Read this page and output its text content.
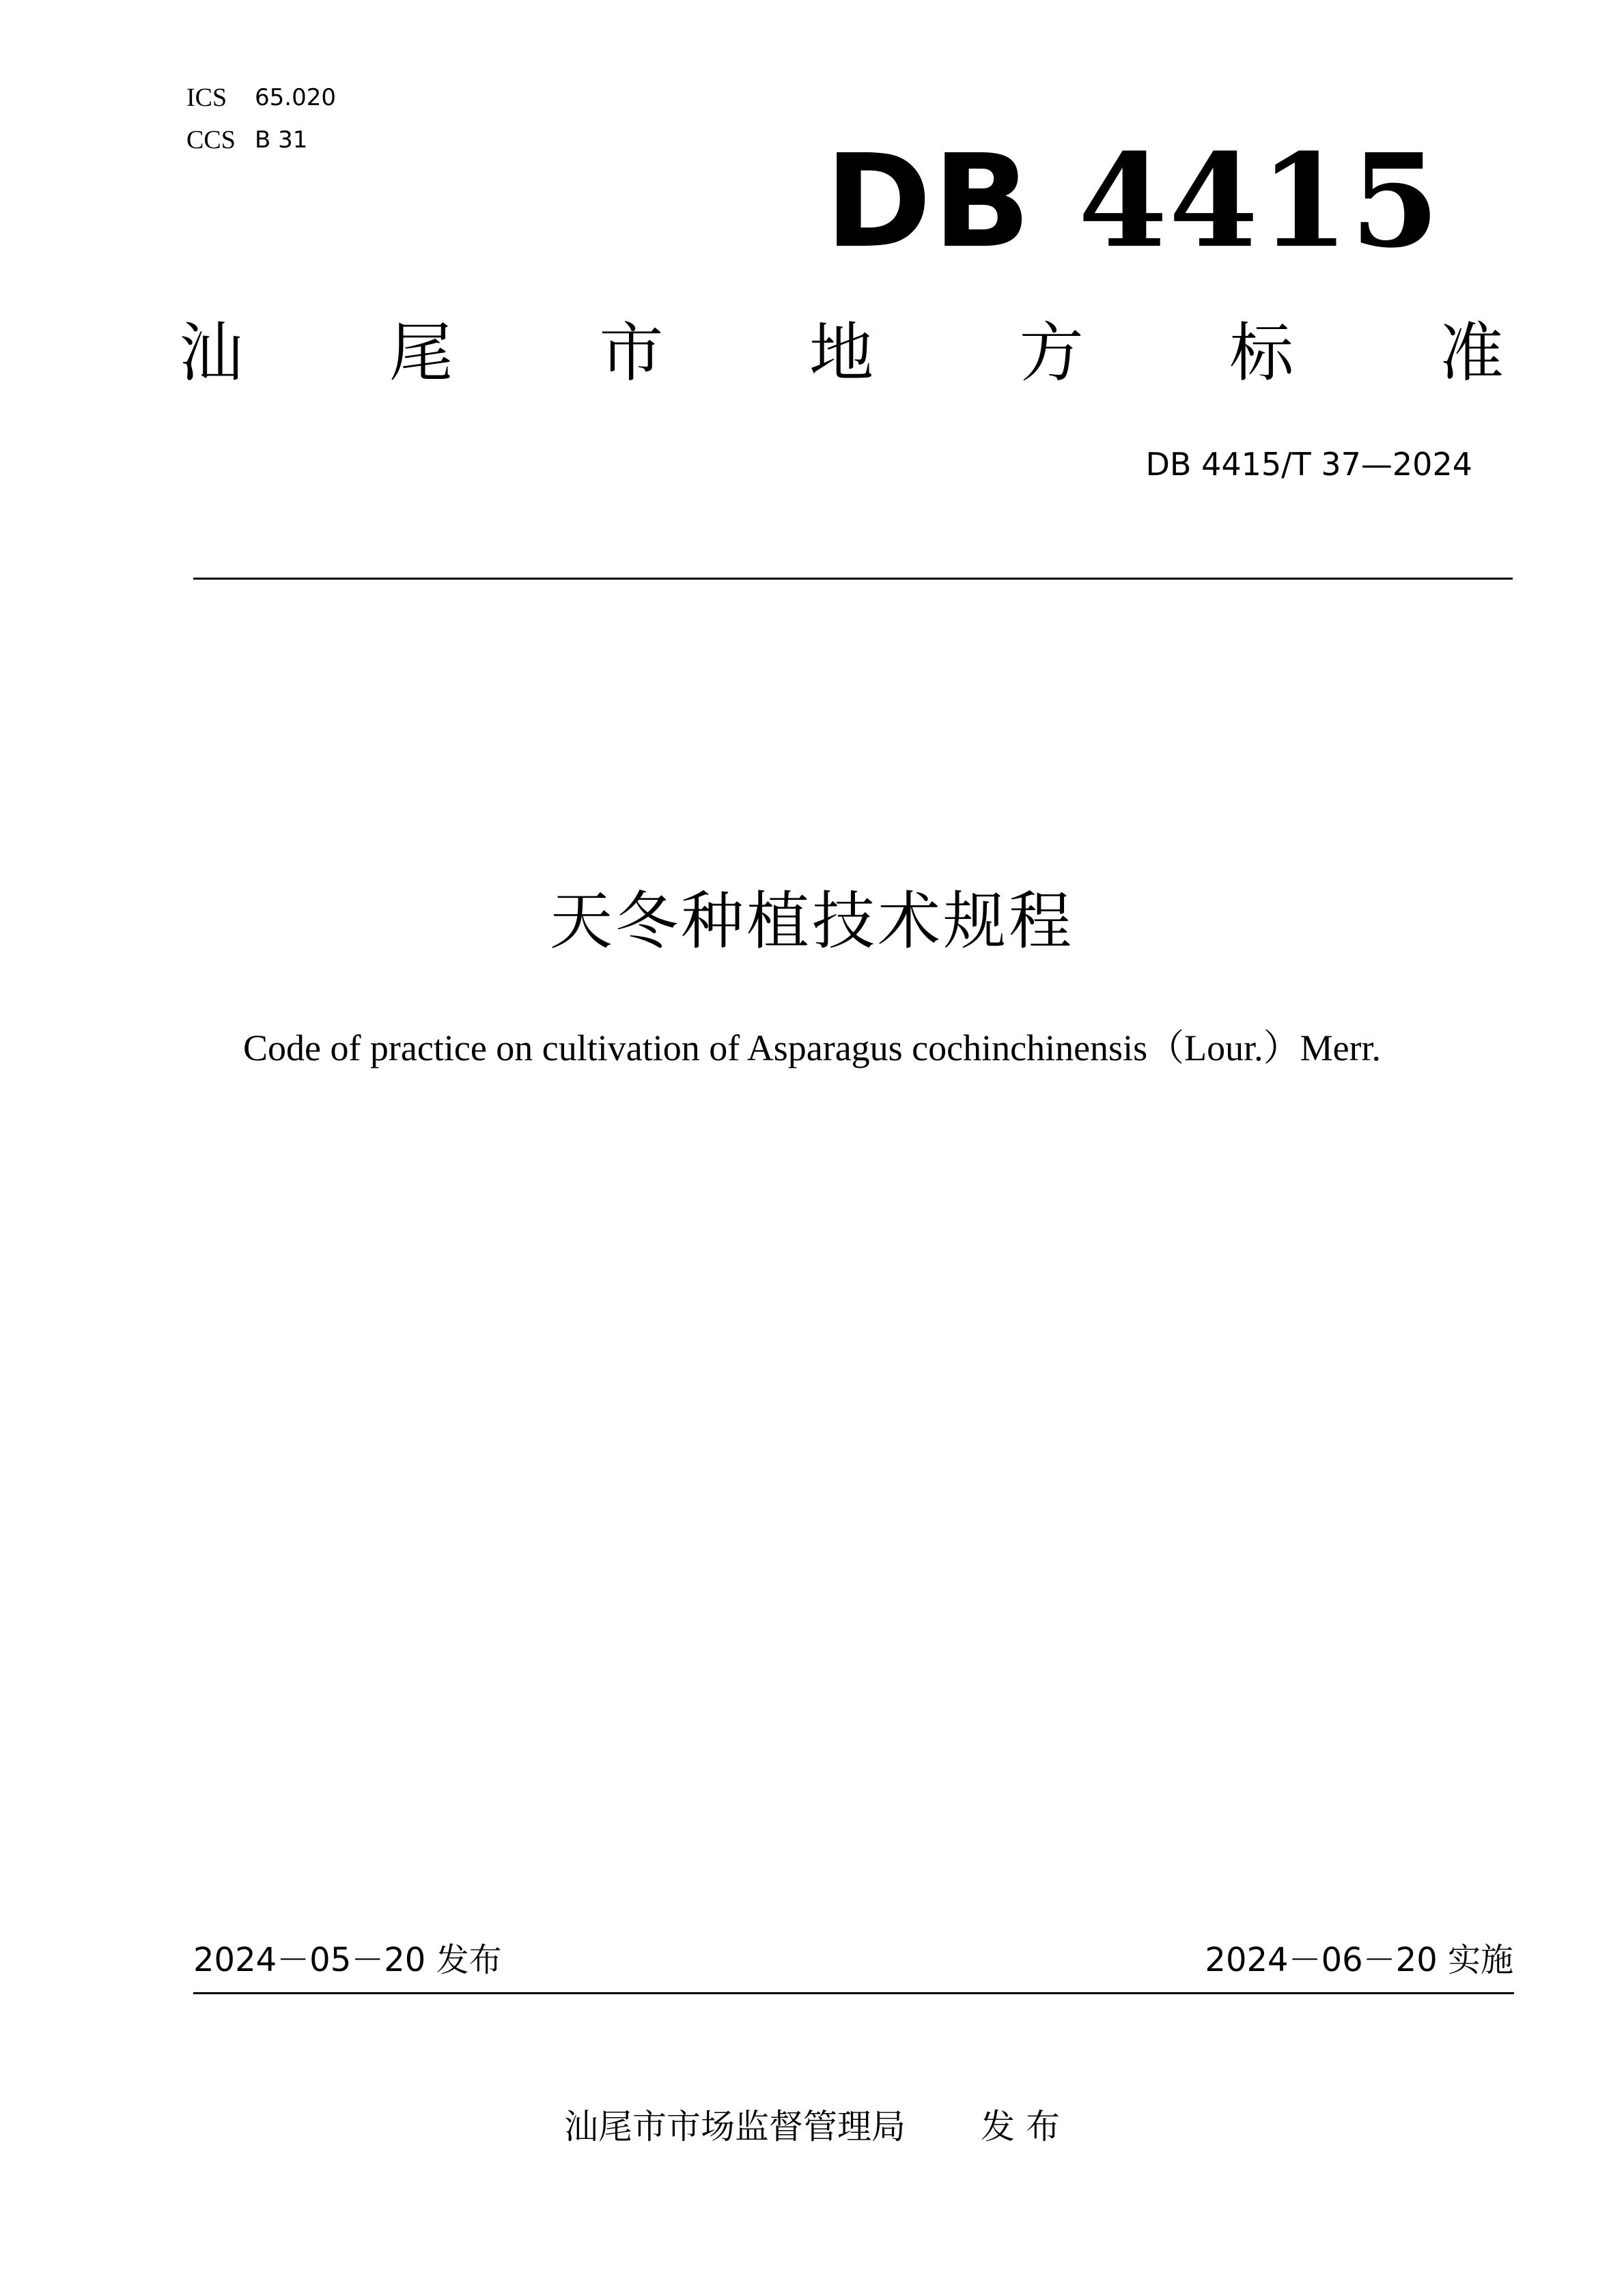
ICS	65.020
CCS B 31	DB 4415
汕 尾 市 地 方 标 准
DB 4415/T 37—2024
天冬种植技术规程
Code of practice on cultivation of Asparagus cochinchinensis（Lour.）Merr.
2024－05－20 发布	2024－06－20 实施
汕尾市市场监督管理局 发 布
